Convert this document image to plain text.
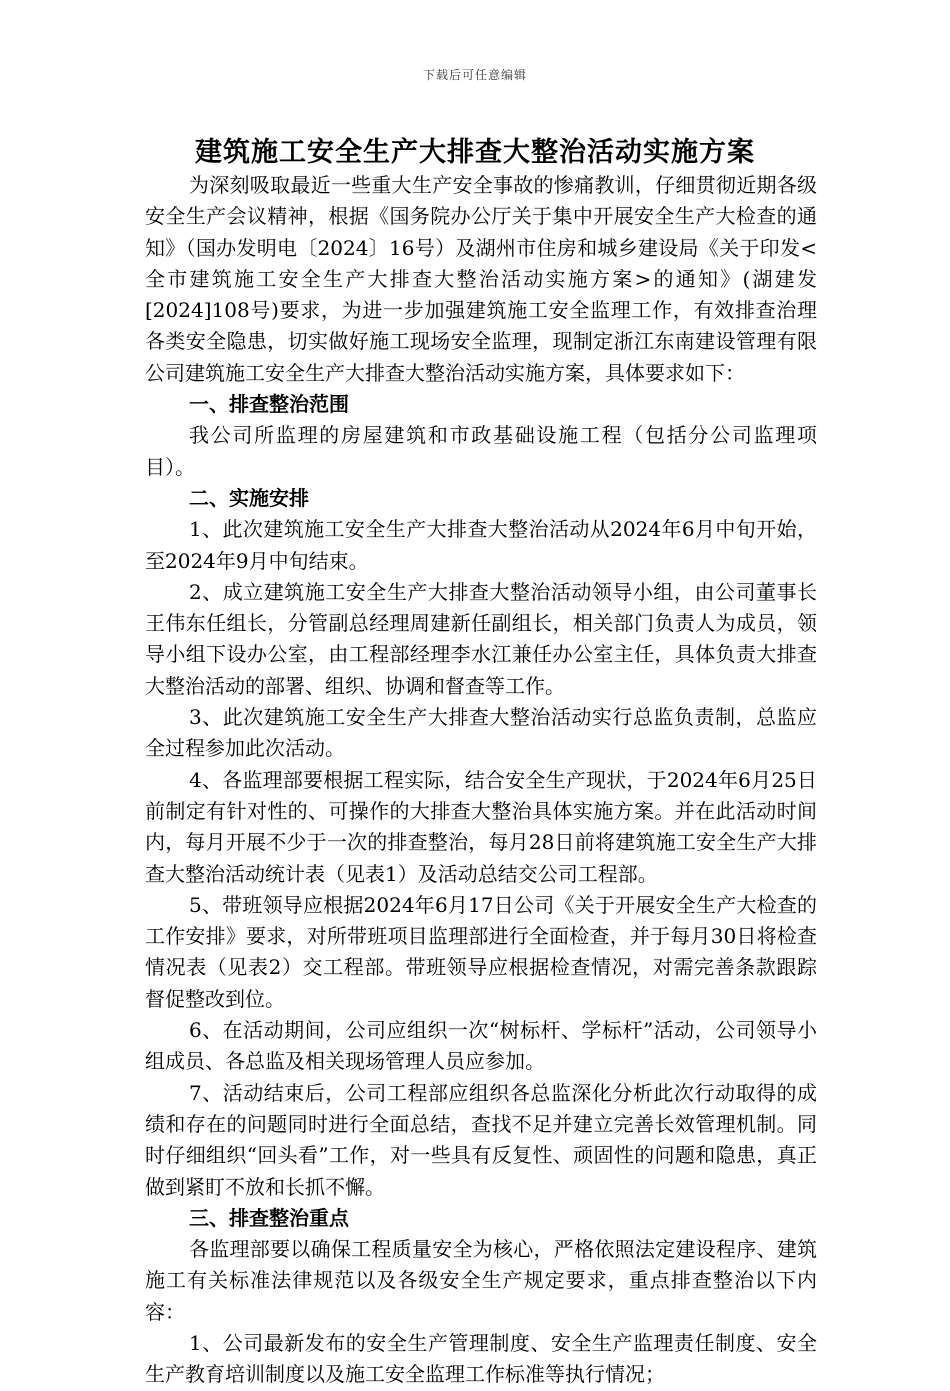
下载后可任意编辑
建筑施工安全生产大排查大整治活动实施方案

为深刻吸取最近一些重大生产安全事故的惨痛教训，仔细贯彻近期各级安全生产会议精神，根据《国务院办公厅关于集中开展安全生产大检查的通知》（国办发明电〔2024〕16号）及湖州市住房和城乡建设局《关于印发<全市建筑施工安全生产大排查大整治活动实施方案>的通知》(湖建发[2024]108号)要求，为进一步加强建筑施工安全监理工作，有效排查治理各类安全隐患，切实做好施工现场安全监理，现制定浙江东南建设管理有限公司建筑施工安全生产大排查大整治活动实施方案，具体要求如下：

一、排查整治范围

我公司所监理的房屋建筑和市政基础设施工程（包括分公司监理项目）。

二、实施安排

1、此次建筑施工安全生产大排查大整治活动从2024年6月中旬开始，至2024年9月中旬结束。

2、成立建筑施工安全生产大排查大整治活动领导小组，由公司董事长王伟东任组长，分管副总经理周建新任副组长，相关部门负责人为成员，领导小组下设办公室，由工程部经理李水江兼任办公室主任，具体负责大排查大整治活动的部署、组织、协调和督查等工作。

3、此次建筑施工安全生产大排查大整治活动实行总监负责制，总监应全过程参加此次活动。

4、各监理部要根据工程实际，结合安全生产现状，于2024年6月25日前制定有针对性的、可操作的大排查大整治具体实施方案。并在此活动时间内，每月开展不少于一次的排查整治，每月28日前将建筑施工安全生产大排查大整治活动统计表（见表1）及活动总结交公司工程部。

5、带班领导应根据2024年6月17日公司《关于开展安全生产大检查的工作安排》要求，对所带班项目监理部进行全面检查，并于每月30日将检查情况表（见表2）交工程部。带班领导应根据检查情况，对需完善条款跟踪督促整改到位。

6、在活动期间，公司应组织一次“树标杆、学标杆”活动，公司领导小组成员、各总监及相关现场管理人员应参加。

7、活动结束后，公司工程部应组织各总监深化分析此次行动取得的成绩和存在的问题同时进行全面总结，查找不足并建立完善长效管理机制。同时仔细组织“回头看”工作，对一些具有反复性、顽固性的问题和隐患，真正做到紧盯不放和长抓不懈。

三、排查整治重点

各监理部要以确保工程质量安全为核心，严格依照法定建设程序、建筑施工有关标准法律规范以及各级安全生产规定要求，重点排查整治以下内容：

1、公司最新发布的安全生产管理制度、安全生产监理责任制度、安全生产教育培训制度以及施工安全监理工作标准等执行情况；
